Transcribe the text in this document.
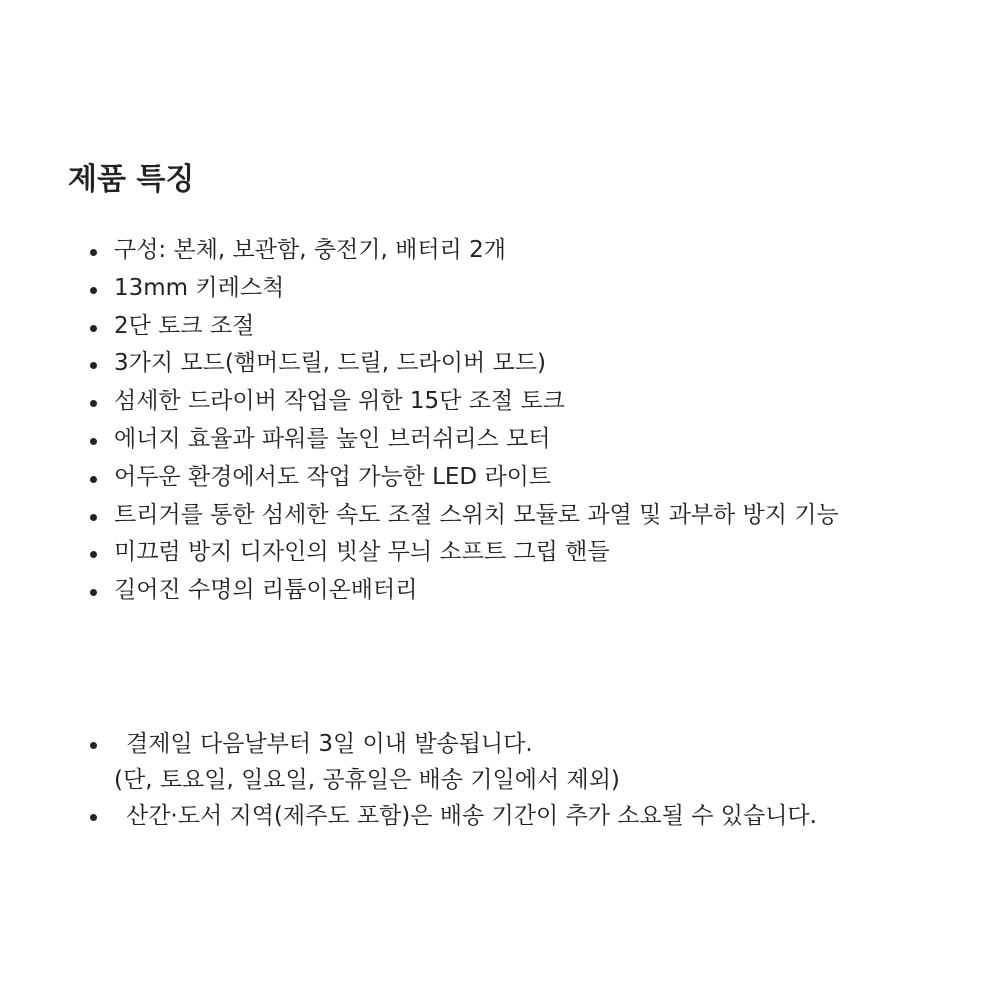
제품 특징
구성: 본체, 보관함, 충전기, 배터리 2개
13mm 키레스척
2단 토크 조절
3가지 모드(햄머드릴, 드릴, 드라이버 모드)
섬세한 드라이버 작업을 위한 15단 조절 토크
에너지 효율과 파워를 높인 브러쉬리스 모터
어두운 환경에서도 작업 가능한 LED 라이트
트리거를 통한 섬세한 속도 조절 스위치 모듈로 과열 및 과부하 방지 기능
미끄럼 방지 디자인의 빗살 무늬 소프트 그립 핸들
길어진 수명의 리튬이온배터리
결제일 다음날부터 3일 이내 발송됩니다.
(단, 토요일, 일요일, 공휴일은 배송 기일에서 제외)
산간·도서 지역(제주도 포함)은 배송 기간이 추가 소요될 수 있습니다.
